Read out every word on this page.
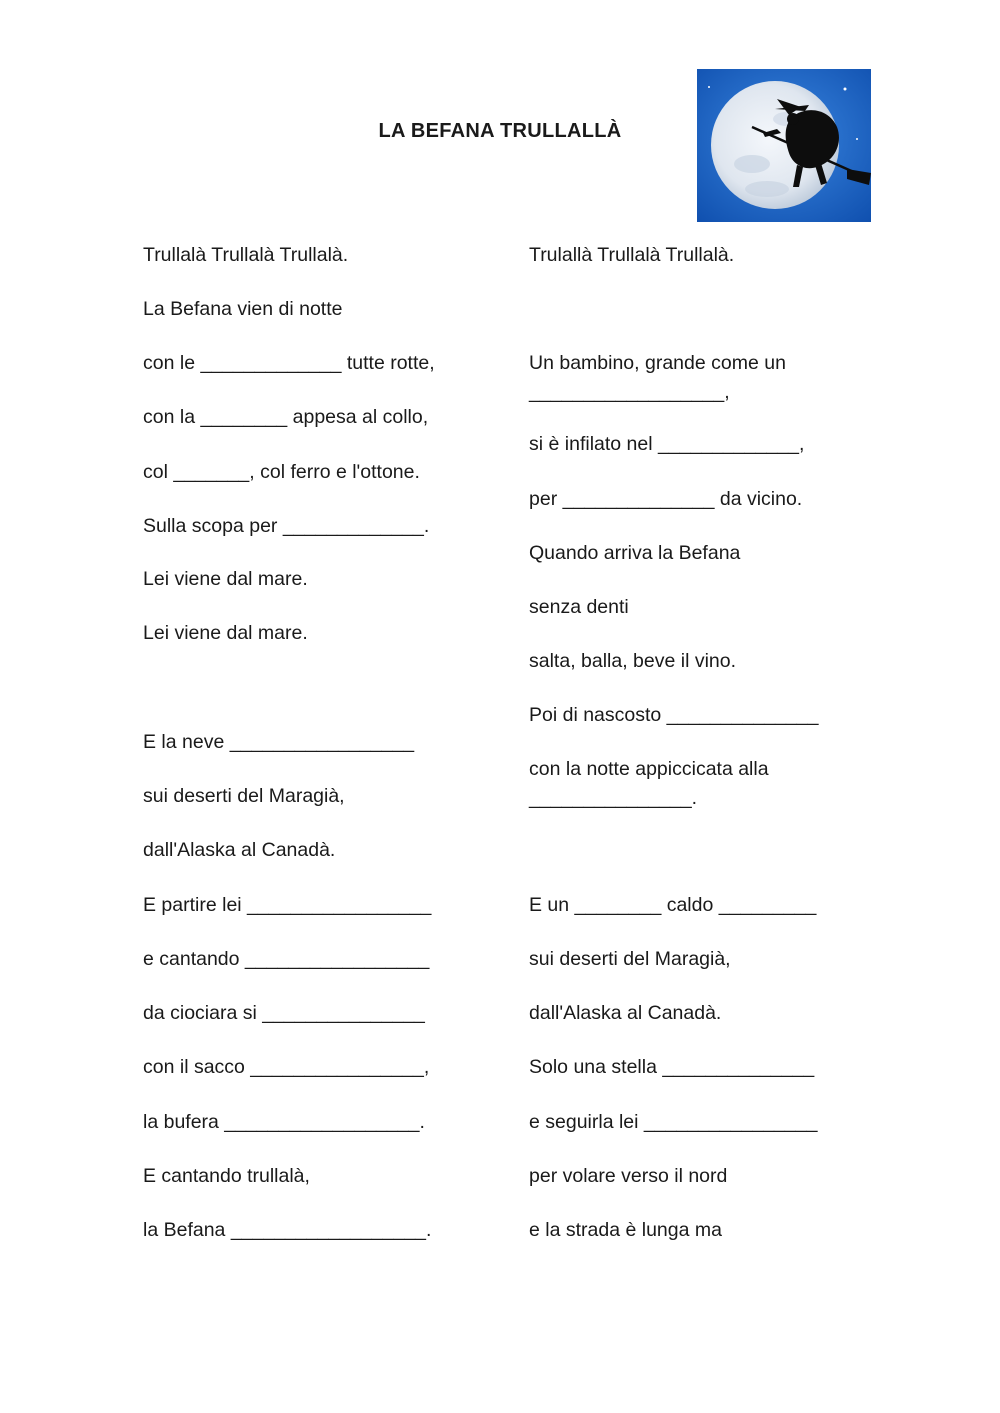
LA BEFANA TRULLALLÀ

Trullalà Trullalà Trullalà.

La Befana vien di notte

con le _____________ tutte rotte,

con la ________ appesa al collo,

col _______, col ferro e l'ottone.

Sulla scopa per _____________.

Lei viene dal mare.

Lei viene dal mare.

E la neve _________________

sui deserti del Maragià,

dall'Alaska al Canadà.

E partire lei _________________

e cantando _________________

da ciociara si _______________

con il sacco ________________,

la bufera __________________.

E cantando trullalà,

la Befana __________________.

Trulallà Trullalà Trullalà.

Un bambino, grande come un

__________________,

si è infilato nel _____________,

per ______________ da vicino.

Quando arriva la Befana

senza denti

salta, balla, beve il vino.

Poi di nascosto ______________

con la notte appiccicata alla

_______________.

E un ________ caldo _________

sui deserti del Maragià,

dall'Alaska al Canadà.

Solo una stella ______________

e seguirla lei ________________

per volare verso il nord

e la strada è lunga ma
